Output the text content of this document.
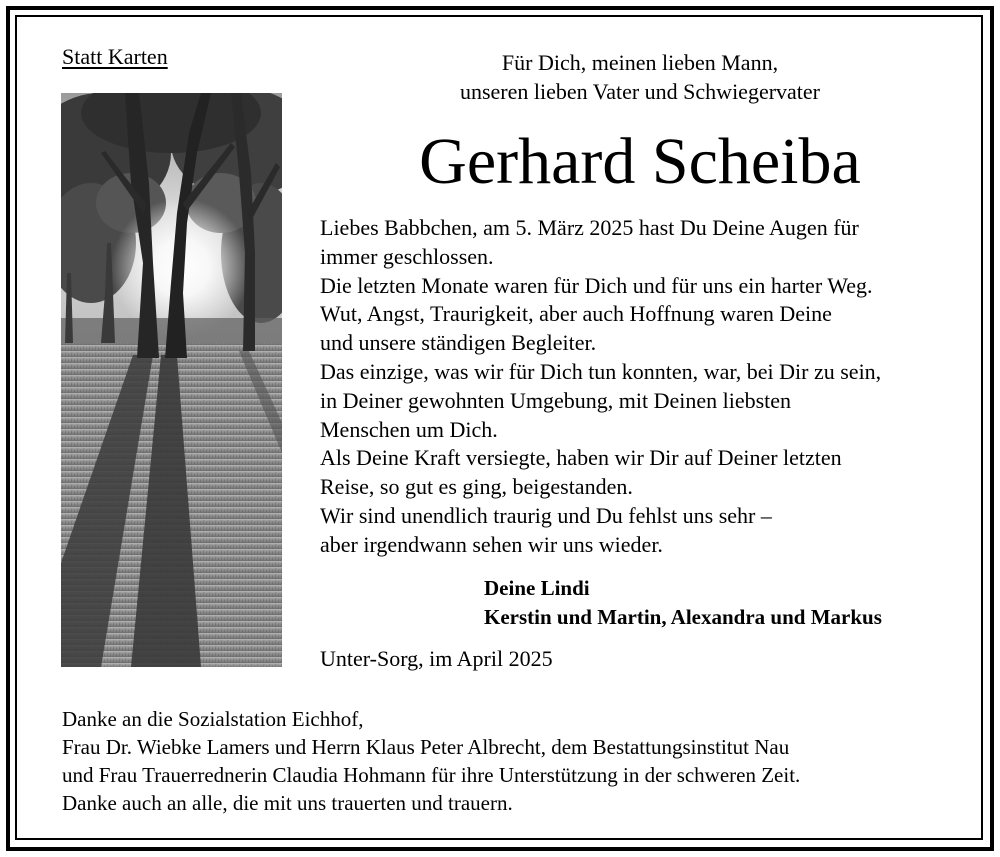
Statt Karten	Für Dich, meinen lieben Mann,
unseren lieben Vater und Schwiegervater
Gerhard Scheiba
Liebes Babbchen, am 5. März 2025 hast Du Deine Augen für
immer geschlossen.
Die letzten Monate waren für Dich und für uns ein harter Weg.
Wut, Angst, Traurigkeit, aber auch Hoffnung waren Deine
und unsere ständigen Begleiter.
Das einzige, was wir für Dich tun konnten, war, bei Dir zu sein,
in Deiner gewohnten Umgebung, mit Deinen liebsten
Menschen um Dich.
Als Deine Kraft versiegte, haben wir Dir auf Deiner letzten
Reise, so gut es ging, beigestanden.
Wir sind unendlich traurig und Du fehlst uns sehr –
aber irgendwann sehen wir uns wieder.
Deine Lindi
Kerstin und Martin, Alexandra und Markus
Unter-Sorg, im April 2025
Danke an die Sozialstation Eichhof,
Frau Dr. Wiebke Lamers und Herrn Klaus Peter Albrecht, dem Bestattungsinstitut Nau
und Frau Trauerrednerin Claudia Hohmann für ihre Unterstützung in der schweren Zeit.
Danke auch an alle, die mit uns trauerten und trauern.
